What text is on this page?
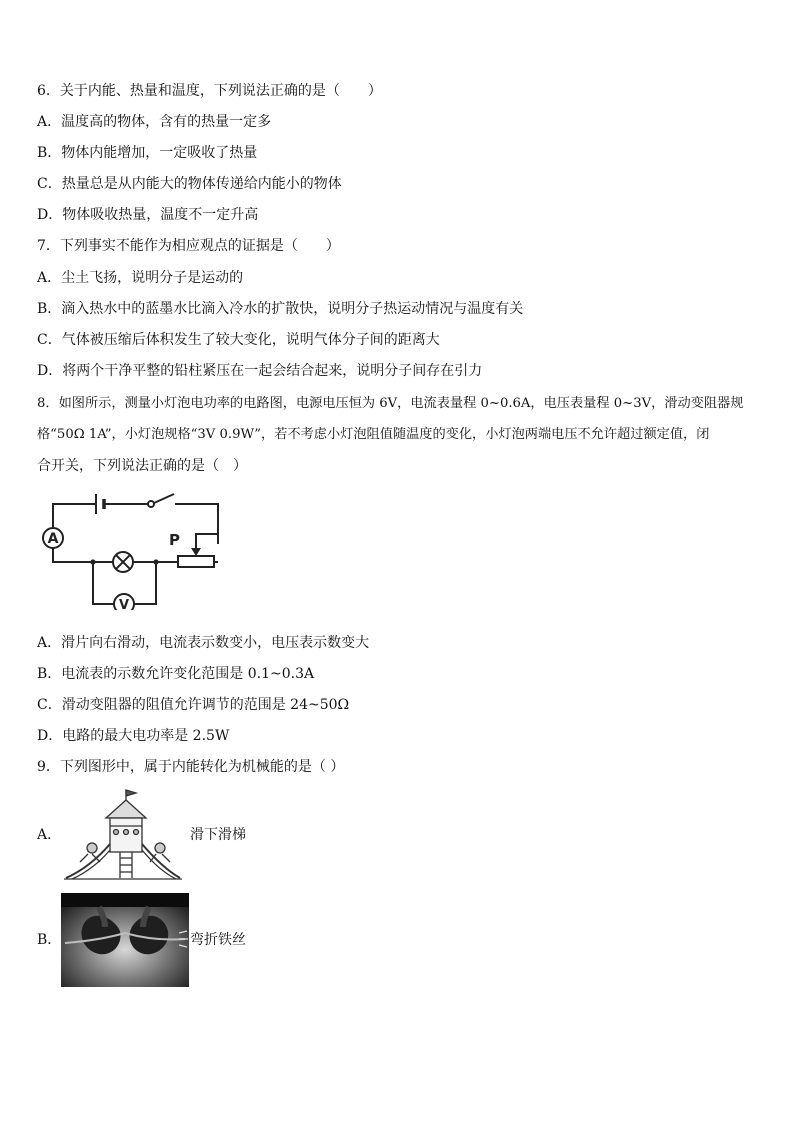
6．关于内能、热量和温度，下列说法正确的是（　　）
A．温度高的物体，含有的热量一定多
B．物体内能增加，一定吸收了热量
C．热量总是从内能大的物体传递给内能小的物体
D．物体吸收热量，温度不一定升高
7．下列事实不能作为相应观点的证据是（　　）
A．尘土飞扬，说明分子是运动的
B．滴入热水中的蓝墨水比滴入冷水的扩散快，说明分子热运动情况与温度有关
C．气体被压缩后体积发生了较大变化，说明气体分子间的距离大
D．将两个干净平整的铅柱紧压在一起会结合起来，说明分子间存在引力
8．如图所示，测量小灯泡电功率的电路图，电源电压恒为 6V，电流表量程 0~0.6A，电压表量程 0~3V，滑动变阻器规
格“50Ω 1A”，小灯泡规格“3V 0.9W”，若不考虑小灯泡阻值随温度的变化，小灯泡两端电压不允许超过额定值，闭
合开关，下列说法正确的是（　）
A
V
P
A．滑片向右滑动，电流表示数变小，电压表示数变大
B．电流表的示数允许变化范围是 0.1~0.3A
C．滑动变阻器的阻值允许调节的范围是 24~50Ω
D．电路的最大电功率是 2.5W
9．下列图形中，属于内能转化为机械能的是（ ）
A．	滑下滑梯
B．	弯折铁丝
